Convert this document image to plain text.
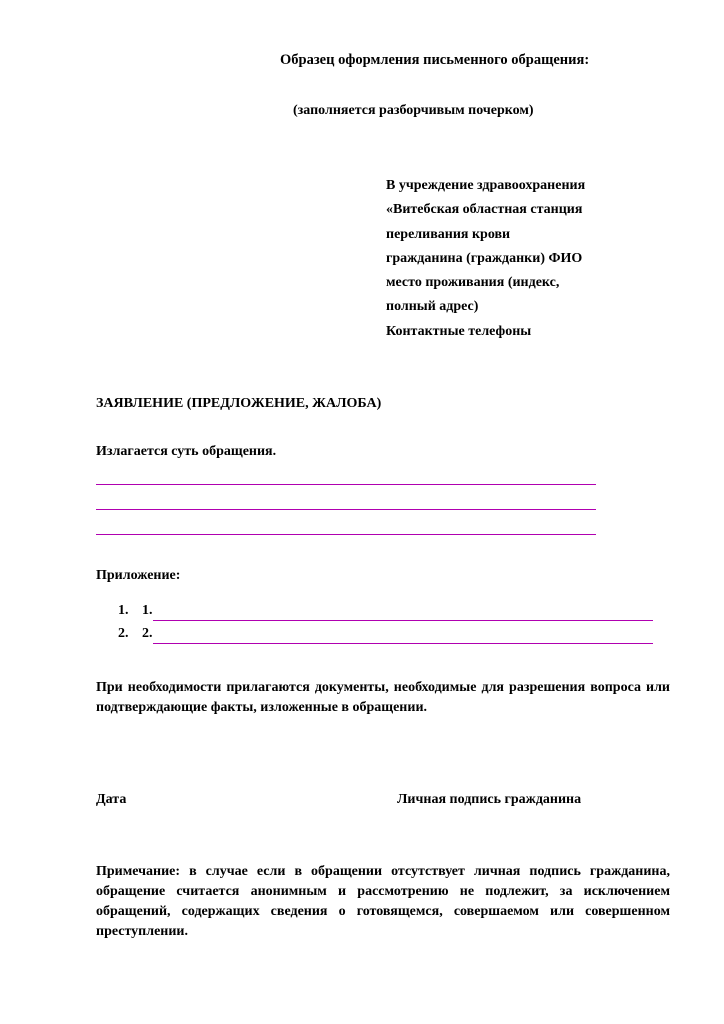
Образец оформления письменного обращения:
(заполняется разборчивым почерком)
В учреждение здравоохранения
«Витебская областная станция
переливания крови
гражданина (гражданки) ФИО
место проживания (индекс,
полный адрес)
Контактные телефоны
ЗАЯВЛЕНИЕ (ПРЕДЛОЖЕНИЕ, ЖАЛОБА)
Излагается суть обращения.
Приложение:
1. 1.
2. 2.
При необходимости прилагаются документы, необходимые для разрешения вопроса или подтверждающие факты, изложенные в обращении.
Дата	Личная подпись гражданина
Примечание: в случае если в обращении отсутствует личная подпись гражданина, обращение считается анонимным и рассмотрению не подлежит, за исключением обращений, содержащих сведения о готовящемся, совершаемом или совершенном преступлении.
